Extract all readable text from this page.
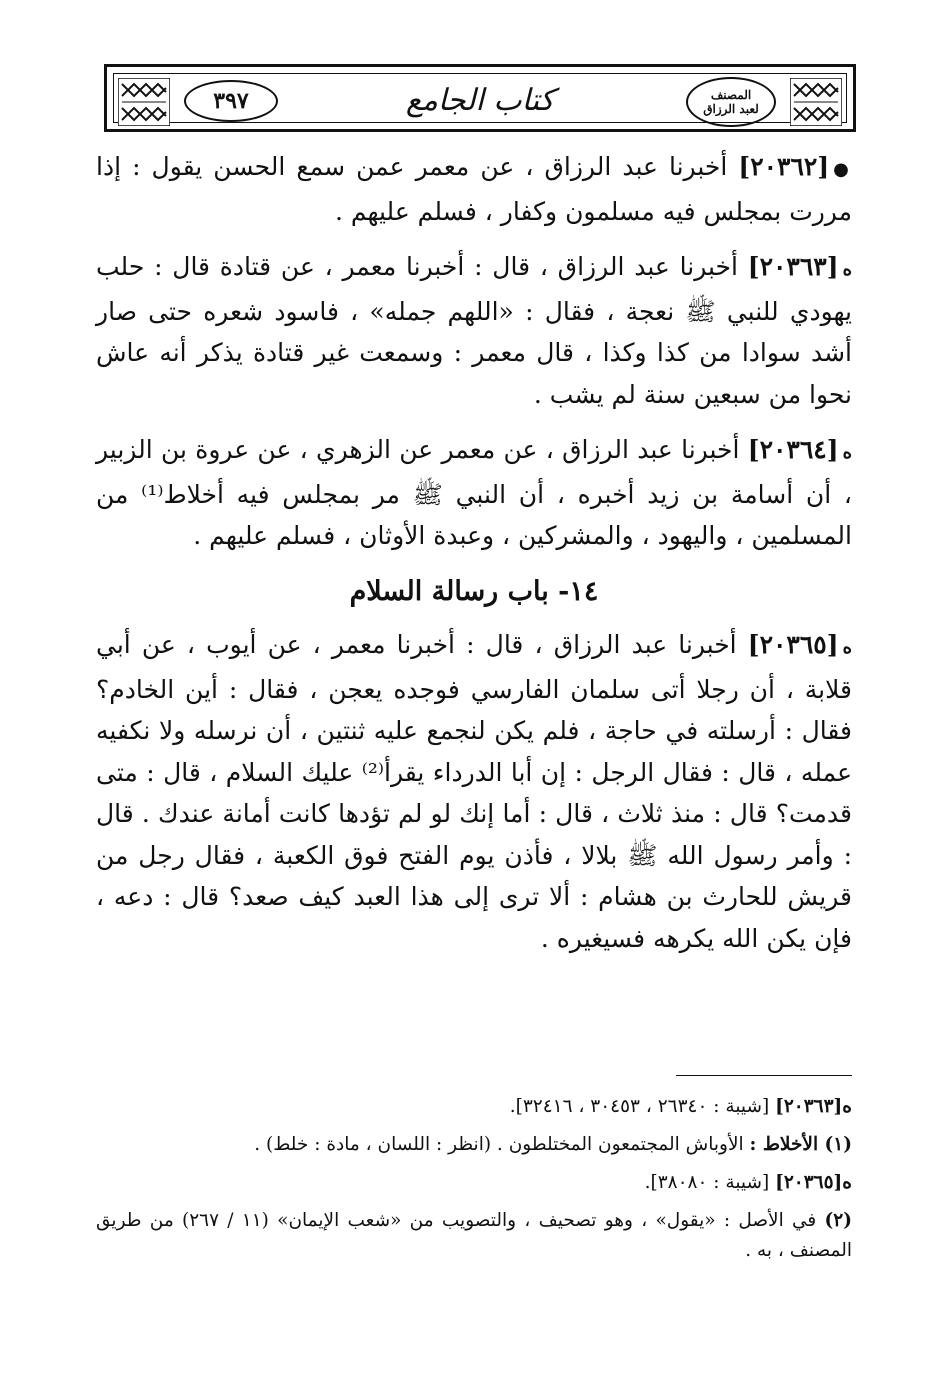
٣٩٧	كتاب الجامع	المصنف
لعبد الرزاق

●[٢٠٣٦٢] أخبرنا عبد الرزاق ، عن معمر عمن سمع الحسن يقول : إذا مررت بمجلس فيه مسلمون وكفار ، فسلم عليهم .

ﻩ[٢٠٣٦٣] أخبرنا عبد الرزاق ، قال : أخبرنا معمر ، عن قتادة قال : حلب يهودي للنبي ﷺ نعجة ، فقال : «اللهم جمله» ، فاسود شعره حتى صار أشد سوادا من كذا وكذا ، قال معمر : وسمعت غير قتادة يذكر أنه عاش نحوا من سبعين سنة لم يشب .

ﻩ[٢٠٣٦٤] أخبرنا عبد الرزاق ، عن معمر عن الزهري ، عن عروة بن الزبير ، أن أسامة بن زيد أخبره ، أن النبي ﷺ مر بمجلس فيه أخلاط⁽¹⁾ من المسلمين ، واليهود ، والمشركين ، وعبدة الأوثان ، فسلم عليهم .

١٤- باب رسالة السلام

ﻩ[٢٠٣٦٥] أخبرنا عبد الرزاق ، قال : أخبرنا معمر ، عن أيوب ، عن أبي قلابة ، أن رجلا أتى سلمان الفارسي فوجده يعجن ، فقال : أين الخادم؟ فقال : أرسلته في حاجة ، فلم يكن لنجمع عليه ثنتين ، أن نرسله ولا نكفيه عمله ، قال : فقال الرجل : إن أبا الدرداء يقرأ⁽²⁾ عليك السلام ، قال : متى قدمت؟ قال : منذ ثلاث ، قال : أما إنك لو لم تؤدها كانت أمانة عندك . قال : وأمر رسول الله ﷺ بلالا ، فأذن يوم الفتح فوق الكعبة ، فقال رجل من قريش للحارث بن هشام : ألا ترى إلى هذا العبد كيف صعد؟ قال : دعه ، فإن يكن الله يكرهه فسيغيره .

ﻩ[٢٠٣٦٣] [شيبة : ٢٦٣٤٠ ، ٣٠٤٥٣ ، ٣٢٤١٦].

(١) الأخلاط : الأوباش المجتمعون المختلطون . (انظر : اللسان ، مادة : خلط) .

ﻩ[٢٠٣٦٥] [شيبة : ٣٨٠٨٠].

(٢) في الأصل : «يقول» ، وهو تصحيف ، والتصويب من «شعب الإيمان» (١١ / ٢٦٧) من طريق المصنف ، به .
